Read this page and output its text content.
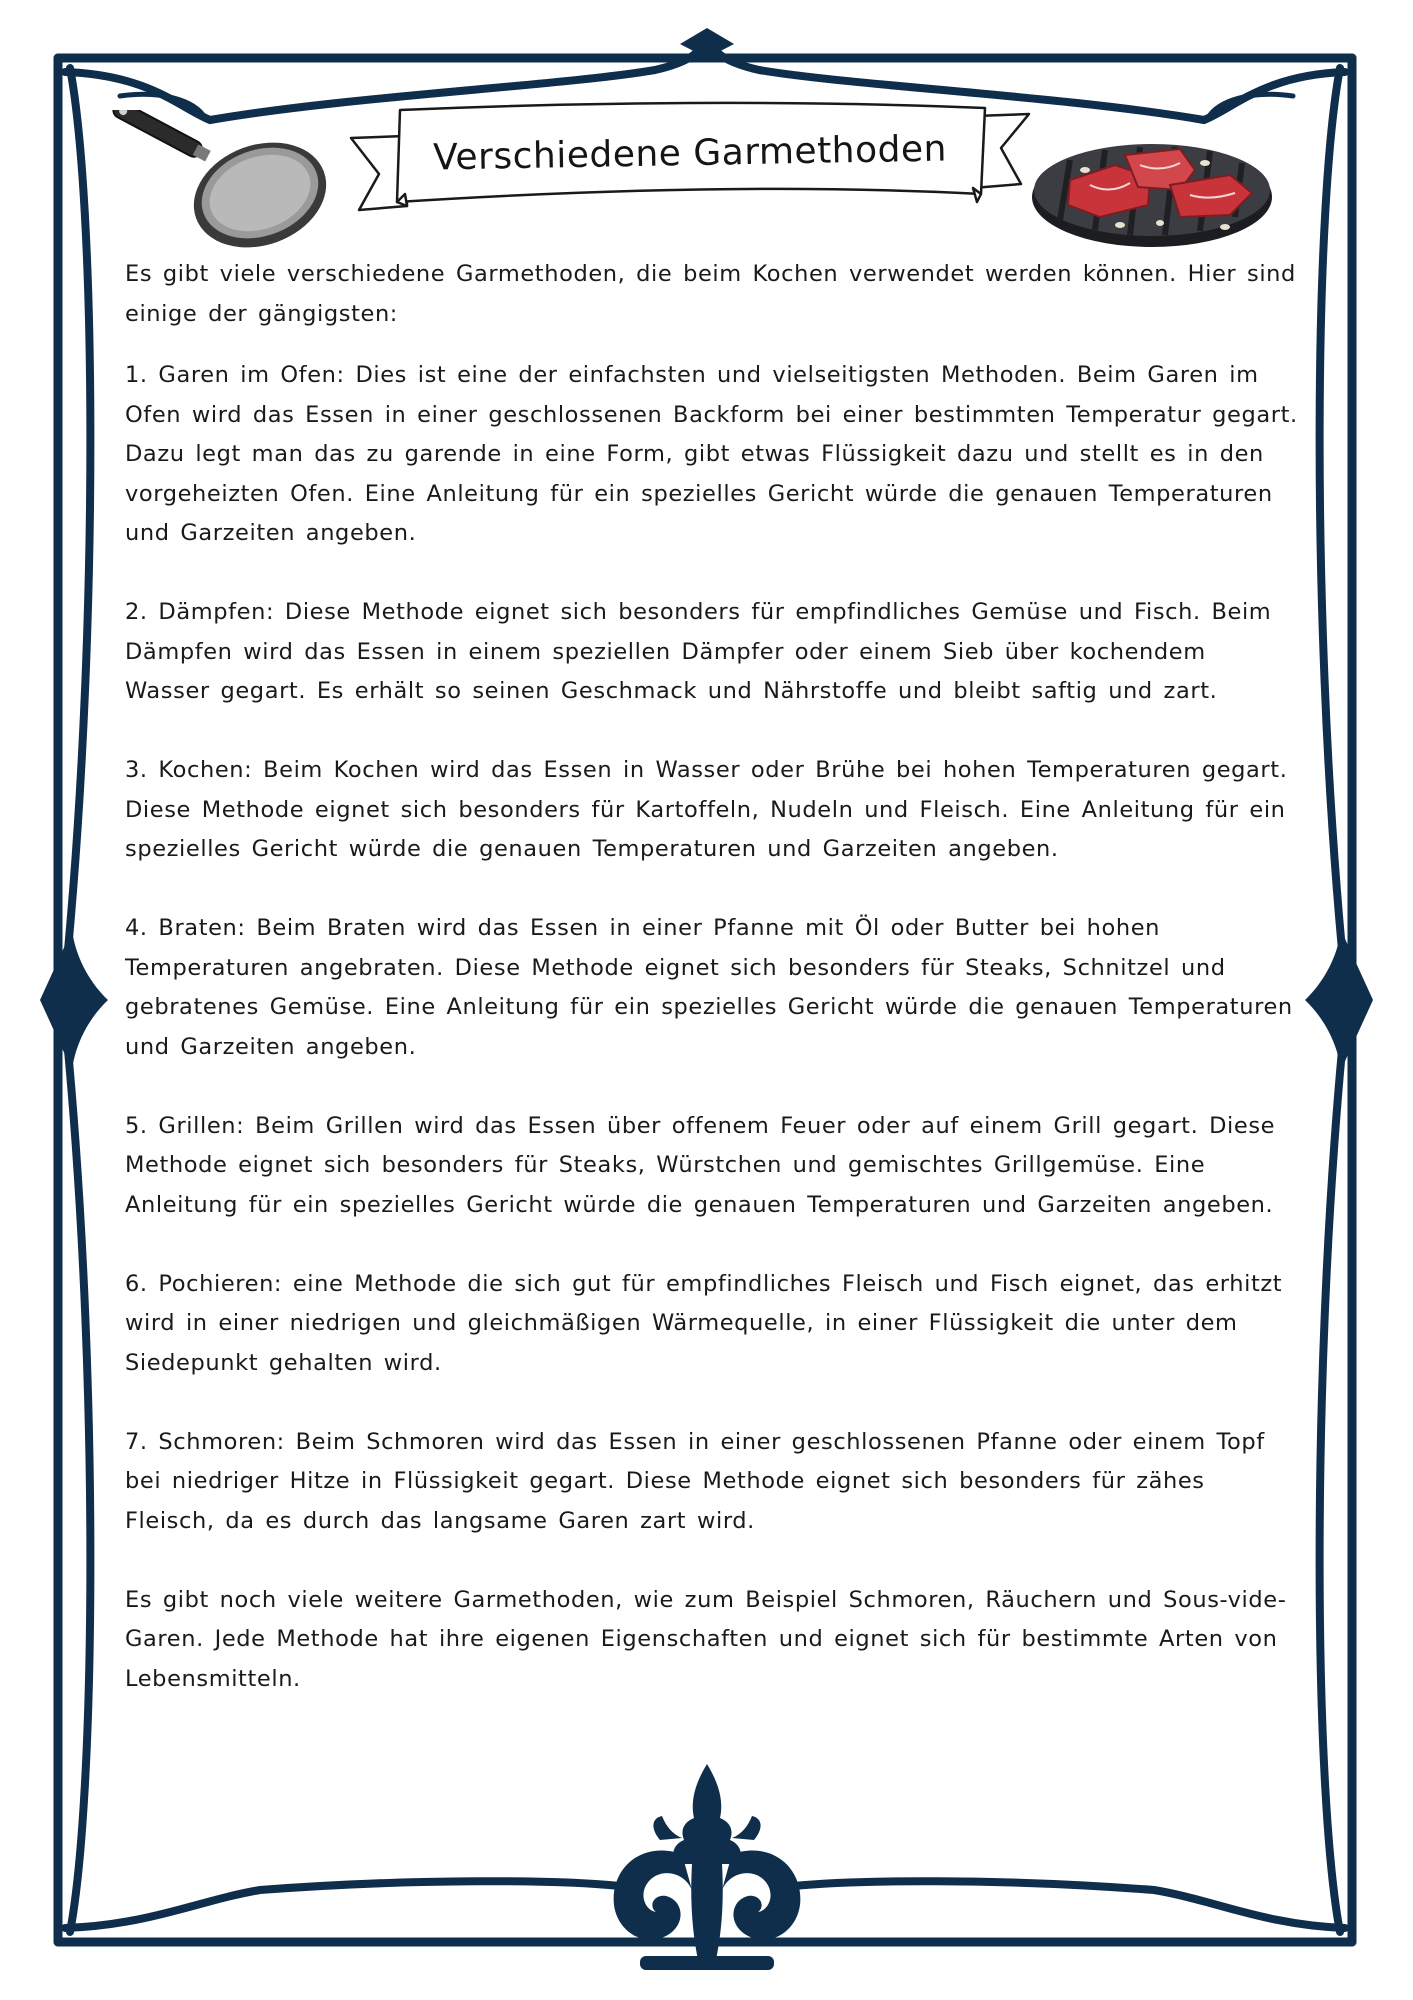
Verschiedene Garmethoden

Es gibt viele verschiedene Garmethoden, die beim Kochen verwendet werden können. Hier sind einige der gängigsten:

1. Garen im Ofen: Dies ist eine der einfachsten und vielseitigsten Methoden. Beim Garen im Ofen wird das Essen in einer geschlossenen Backform bei einer bestimmten Temperatur gegart. Dazu legt man das zu garende in eine Form, gibt etwas Flüssigkeit dazu und stellt es in den vorgeheizten Ofen. Eine Anleitung für ein spezielles Gericht würde die genauen Temperaturen und Garzeiten angeben.

2. Dämpfen: Diese Methode eignet sich besonders für empfindliches Gemüse und Fisch. Beim Dämpfen wird das Essen in einem speziellen Dämpfer oder einem Sieb über kochendem Wasser gegart. Es erhält so seinen Geschmack und Nährstoffe und bleibt saftig und zart.

3. Kochen: Beim Kochen wird das Essen in Wasser oder Brühe bei hohen Temperaturen gegart. Diese Methode eignet sich besonders für Kartoffeln, Nudeln und Fleisch. Eine Anleitung für ein spezielles Gericht würde die genauen Temperaturen und Garzeiten angeben.

4. Braten: Beim Braten wird das Essen in einer Pfanne mit Öl oder Butter bei hohen Temperaturen angebraten. Diese Methode eignet sich besonders für Steaks, Schnitzel und gebratenes Gemüse. Eine Anleitung für ein spezielles Gericht würde die genauen Temperaturen und Garzeiten angeben.

5. Grillen: Beim Grillen wird das Essen über offenem Feuer oder auf einem Grill gegart. Diese Methode eignet sich besonders für Steaks, Würstchen und gemischtes Grillgemüse. Eine Anleitung für ein spezielles Gericht würde die genauen Temperaturen und Garzeiten angeben.

6. Pochieren: eine Methode die sich gut für empfindliches Fleisch und Fisch eignet, das erhitzt wird in einer niedrigen und gleichmäßigen Wärmequelle, in einer Flüssigkeit die unter dem Siedepunkt gehalten wird.

7. Schmoren: Beim Schmoren wird das Essen in einer geschlossenen Pfanne oder einem Topf bei niedriger Hitze in Flüssigkeit gegart. Diese Methode eignet sich besonders für zähes Fleisch, da es durch das langsame Garen zart wird.

Es gibt noch viele weitere Garmethoden, wie zum Beispiel Schmoren, Räuchern und Sous-vide-Garen. Jede Methode hat ihre eigenen Eigenschaften und eignet sich für bestimmte Arten von Lebensmitteln.
